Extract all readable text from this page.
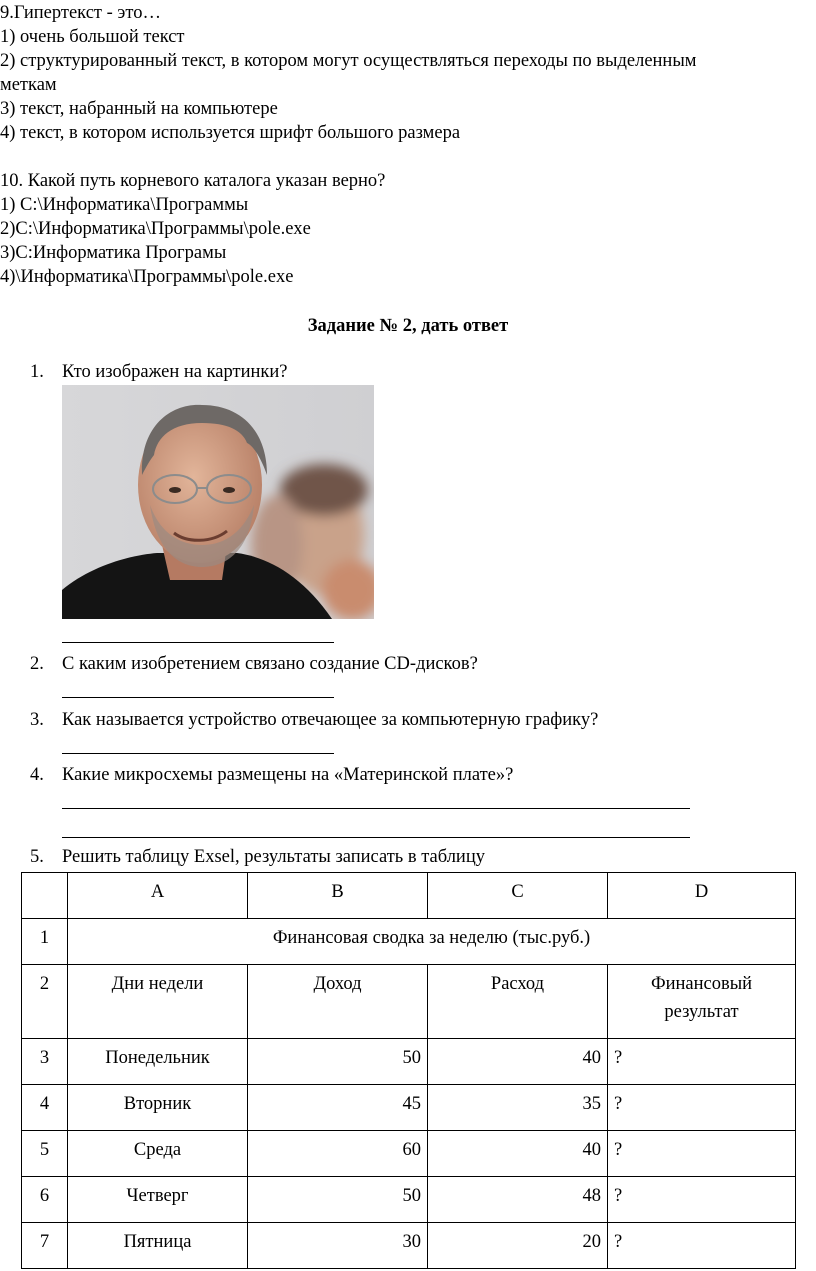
9.Гипертекст - это…
1) очень большой текст
2) структурированный текст, в котором могут осуществляться переходы по выделенным
меткам
3) текст, набранный на компьютере
4) текст, в котором используется шрифт большого размера
10. Какой путь корневого каталога указан верно?
1) C:\Информатика\Программы
2)C:\Информатика\Программы\pole.exe
3)C:Информатика Програмы
4)\Информатика\Программы\pole.exe
Задание № 2, дать ответ
1. Кто изображен на картинки?
2. С каким изобретением связано создание CD-дисков?
3. Как называется устройство отвечающее за компьютерную графику?
4. Какие микросхемы размещены на «Материнской плате»?
5. Решить таблицу Exsel, результаты записать в таблицу
	A	B	C	D
1	Финансовая сводка за неделю (тыс.руб.)			
2	Дни недели	Доход	Расход	Финансовый результат
3	Понедельник	50	40	?
4	Вторник	45	35	?
5	Среда	60	40	?
6	Четверг	50	48	?
7	Пятница	30	20	?
